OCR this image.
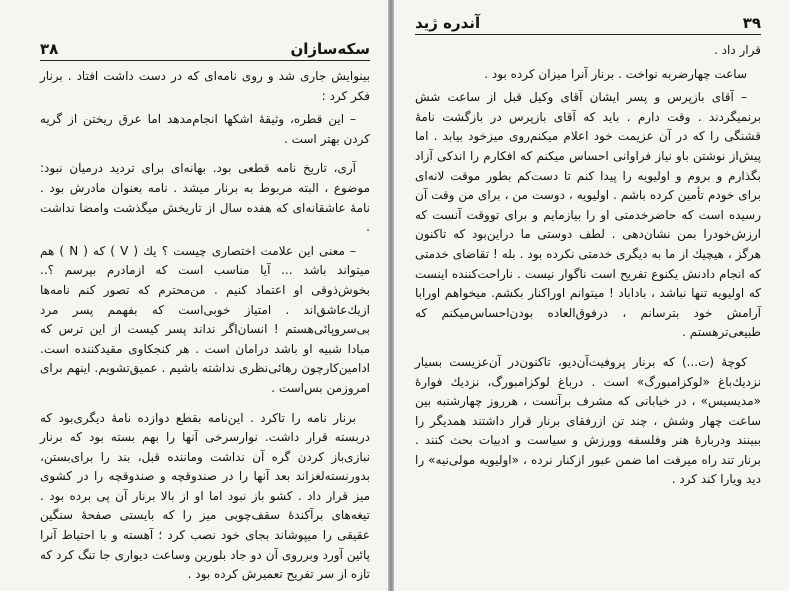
۳۸	سکه‌سازان

بینوایش جاری شد و روی نامه‌ای که در دست داشت افتاد . برنار فکر کرد :

– این قطره، وثیقهٔ اشکها انجام‌مدهد اما عرق ریختن از گریه کردن بهتر است .

آری، تاریخ نامه قطعی بود. بهانه‌ای برای تردید درمیان نبود: موضوع ، البته مربوط به برنار میشد . نامه بعنوان مادرش بود . نامهٔ عاشقانه‌ای که هفده سال از تاریخش میگذشت وامضا نداشت .

– معنی این علامت اختصاری چیست ؟ یك ( V ) که ( N ) هم میتواند باشد ... آیا مناسب است که ازمادرم بپرسم ؟.. بخوش‌ذوقی او اعتماد کنیم . من‌محترم که تصور کنم نامه‌ها ازیك‌عاشق‌اند . امتیاز خوبی‌است که بفهمم پسر مرد بی‌سروپائی‌هستم ! انسان‌اگر نداند پسر کیست از این ترس که مبادا شبیه او باشد درامان است . هر کنجکاوی مقیدکننده است. ادامین‌کارچون رهائی‌نظری نداشته باشیم . عمیق‌تشویم. اینهم برای امروزمن بس‌است .

برنار نامه را تاکرد . این‌نامه بقطع دوازده نامهٔ دیگری‌بود که دربسته قرار داشت. نوارسرخی آنها را بهم بسته بود که برنار نبازی‌باز کردن گره آن نداشت وماننده قبل، بند را برای‌بستن، بدورنسته‌لغزاند بعد آنها را در صندوقچه و صندوقچه را در کشوی میز قرار داد . کشو باز نبود اما او از بالا برنار آن پی برده بود . تیغه‌های برآکندهٔ سقف‌چوبی میز را که بایستی صفحهٔ سنگین عقیقی را میپوشاند بجای خود نصب کرد ؛ آهسته و با احتیاط آنرا پائین آورد وبرروی آن دو جاد بلورین وساعت دیواری جا تنگ کرد که تازه از سر تفریح تعمیرش کرده بود .

آندره ژید	۳۹

قرار داد .

ساعت چهارضربه نواخت . برنار آنرا میزان کرده بود .

– آقای بازپرس و پسر ایشان آقای وکیل قبل از ساعت شش برنمیگردند . وقت دارم . باید که آقای بازپرس در بازگشت نامهٔ قشنگی را که در آن عزیمت خود اعلام میکنم‌روی میزخود بیابد . اما پیش‌از نوشتن باو نیاز فراوانی احساس میکنم که افکارم را اندکی آزاد بگذارم و بروم و اولیویه را پیدا کنم تا دست‌کم بطور موقت لانه‌ای برای خودم تأمین کرده باشم . اولیویه ، دوست من ، برای من وقت آن رسیده است که حاضرخدمتی او را بیازمایم و برای تووقت آنست که ارزش‌خودرا بمن نشان‌دهی . لطف دوستی ما دراین‌بود که تاکنون هرگز ، هیچیك از ما به دیگری خدمتی نکرده بود . بله ! تقاضای خدمتی که انجام دادنش یکنوع تفریح است ناگوار نیست . ناراحت‌کننده اینست که اولیویه تنها نباشد ، باداباد ! میتوانم اوراکنار بکشم. میخواهم اورابا آرامش خود بترسانم ، درفوق‌العاده بودن‌احساس‌میکنم که طبیعی‌ترهستم .

کوچهٔ (ت...) که برنار پروفیت‌آن‌دیو، تاکنون‌در آن‌عزیست بسیار نزدیك‌باغ «لوکزامبورگ» است . درباغ لوکزامبورگ، نزدیك فوارهٔ «مدیسیس» ، در خیابانی که مشرف برآنست ، هرروز چهارشنبه بین ساعت چهار وشش ، چند تن ازرفقای برنار قرار داشتند همدیگر را ببینند ودربارهٔ هنر وفلسفه وورزش و سیاست و ادبیات بحث کنند . برنار تند راه میرفت اما ضمن عبور ازکنار نرده ، «اولیویه مولی‌نیه» را دید ویارا کند کرد .
